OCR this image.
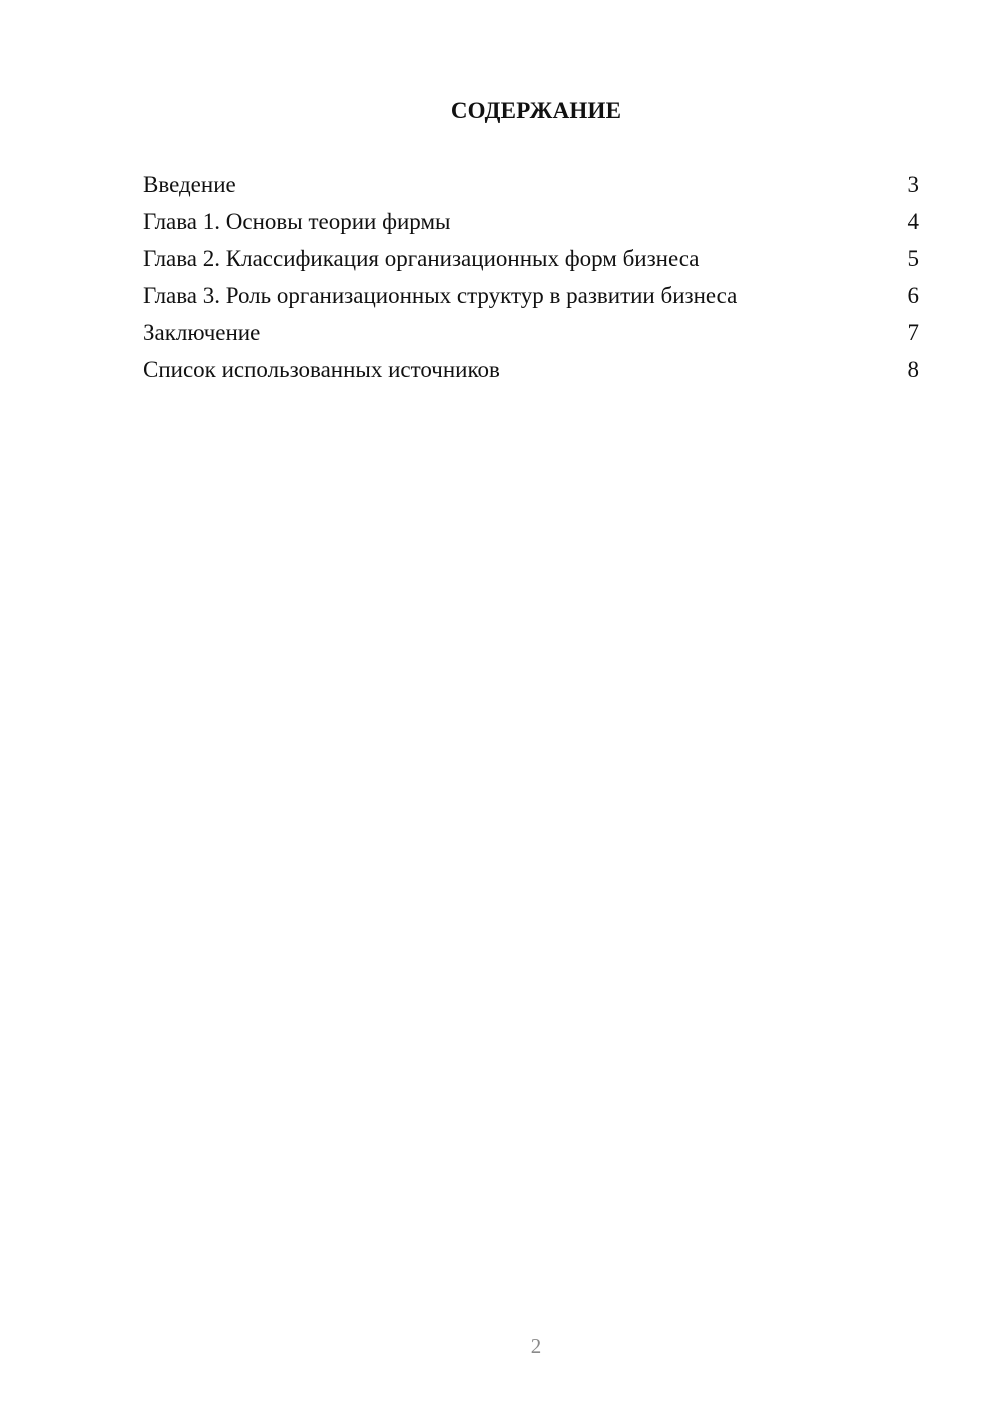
СОДЕРЖАНИЕ
Введение	3
Глава 1. Основы теории фирмы	4
Глава 2. Классификация организационных форм бизнеса	5
Глава 3. Роль организационных структур в развитии бизнеса	6
Заключение	7
Список использованных источников	8
2
